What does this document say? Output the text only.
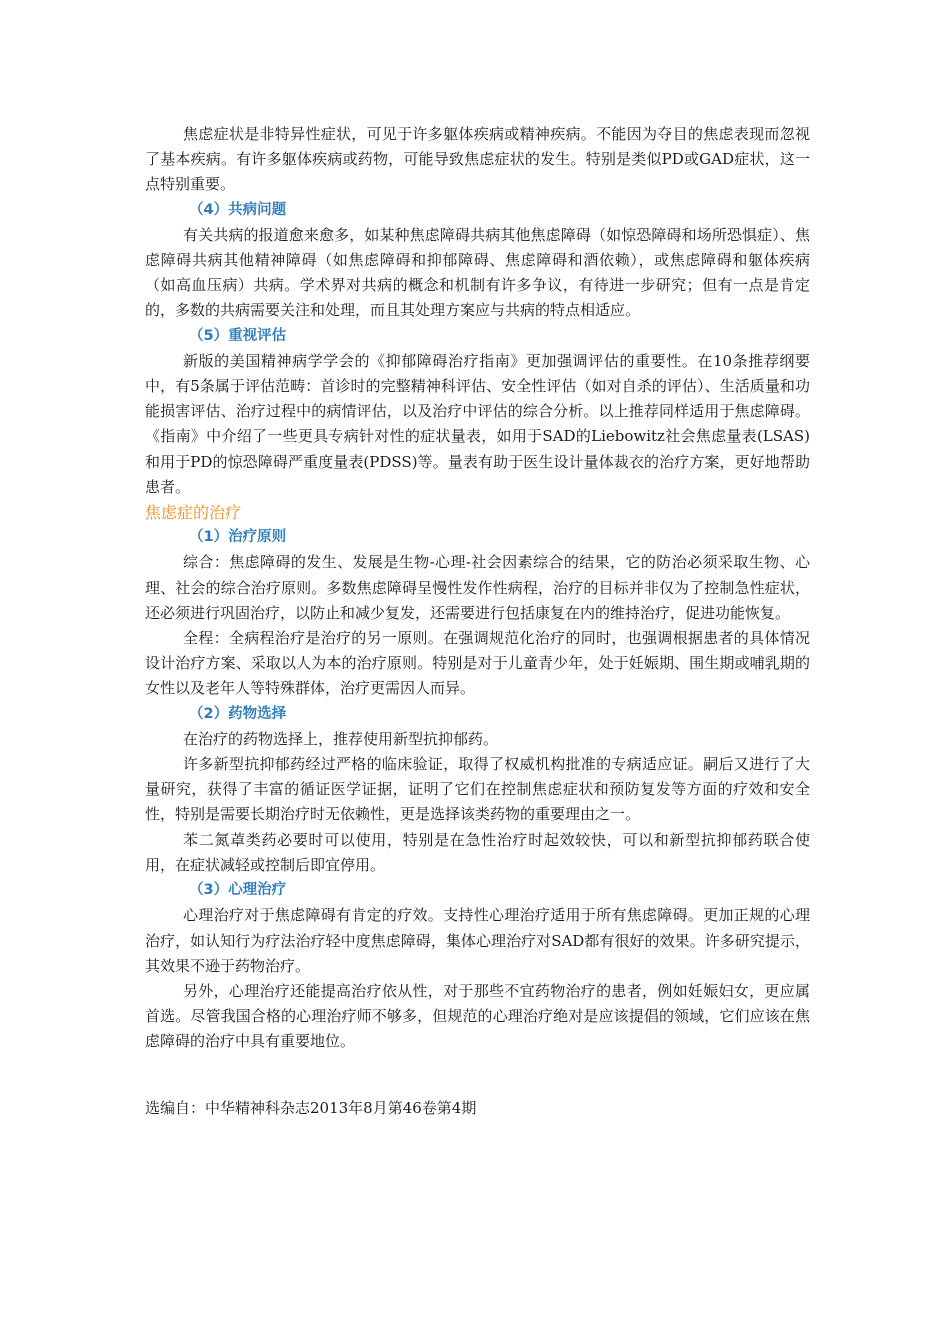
焦虑症状是非特异性症状，可见于许多躯体疾病或精神疾病。不能因为夺目的焦虑表现而忽视了基本疾病。有许多躯体疾病或药物，可能导致焦虑症状的发生。特别是类似PD或GAD症状，这一点特别重要。

（4）共病问题

有关共病的报道愈来愈多，如某种焦虑障碍共病其他焦虑障碍（如惊恐障碍和场所恐惧症）、焦虑障碍共病其他精神障碍（如焦虑障碍和抑郁障碍、焦虑障碍和酒依赖），或焦虑障碍和躯体疾病（如高血压病）共病。学术界对共病的概念和机制有许多争议，有待进一步研究；但有一点是肯定的，多数的共病需要关注和处理，而且其处理方案应与共病的特点相适应。

（5）重视评估

新版的美国精神病学学会的《抑郁障碍治疗指南》更加强调评估的重要性。在10条推荐纲要中，有5条属于评估范畴：首诊时的完整精神科评估、安全性评估（如对自杀的评估）、生活质量和功能损害评估、治疗过程中的病情评估，以及治疗中评估的综合分析。以上推荐同样适用于焦虑障碍。《指南》中介绍了一些更具专病针对性的症状量表，如用于SAD的Liebowitz社会焦虑量表(LSAS)和用于PD的惊恐障碍严重度量表(PDSS)等。量表有助于医生设计量体裁衣的治疗方案，更好地帮助患者。

焦虑症的治疗

（1）治疗原则

综合：焦虑障碍的发生、发展是生物-心理-社会因素综合的结果，它的防治必须采取生物、心理、社会的综合治疗原则。多数焦虑障碍呈慢性发作性病程，治疗的目标并非仅为了控制急性症状，还必须进行巩固治疗，以防止和减少复发，还需要进行包括康复在内的维持治疗，促进功能恢复。

全程：全病程治疗是治疗的另一原则。在强调规范化治疗的同时，也强调根据患者的具体情况设计治疗方案、采取以人为本的治疗原则。特别是对于儿童青少年，处于妊娠期、围生期或哺乳期的女性以及老年人等特殊群体，治疗更需因人而异。

（2）药物选择

在治疗的药物选择上，推荐使用新型抗抑郁药。

许多新型抗抑郁药经过严格的临床验证，取得了权威机构批准的专病适应证。嗣后又进行了大量研究，获得了丰富的循证医学证据，证明了它们在控制焦虑症状和预防复发等方面的疗效和安全性，特别是需要长期治疗时无依赖性，更是选择该类药物的重要理由之一。

苯二氮䓬类药必要时可以使用，特别是在急性治疗时起效较快，可以和新型抗抑郁药联合使用，在症状减轻或控制后即宜停用。

（3）心理治疗

心理治疗对于焦虑障碍有肯定的疗效。支持性心理治疗适用于所有焦虑障碍。更加正规的心理治疗，如认知行为疗法治疗轻中度焦虑障碍，集体心理治疗对SAD都有很好的效果。许多研究提示，其效果不逊于药物治疗。

另外，心理治疗还能提高治疗依从性，对于那些不宜药物治疗的患者，例如妊娠妇女，更应属首选。尽管我国合格的心理治疗师不够多，但规范的心理治疗绝对是应该提倡的领域，它们应该在焦虑障碍的治疗中具有重要地位。

选编自：中华精神科杂志2013年8月第46卷第4期
